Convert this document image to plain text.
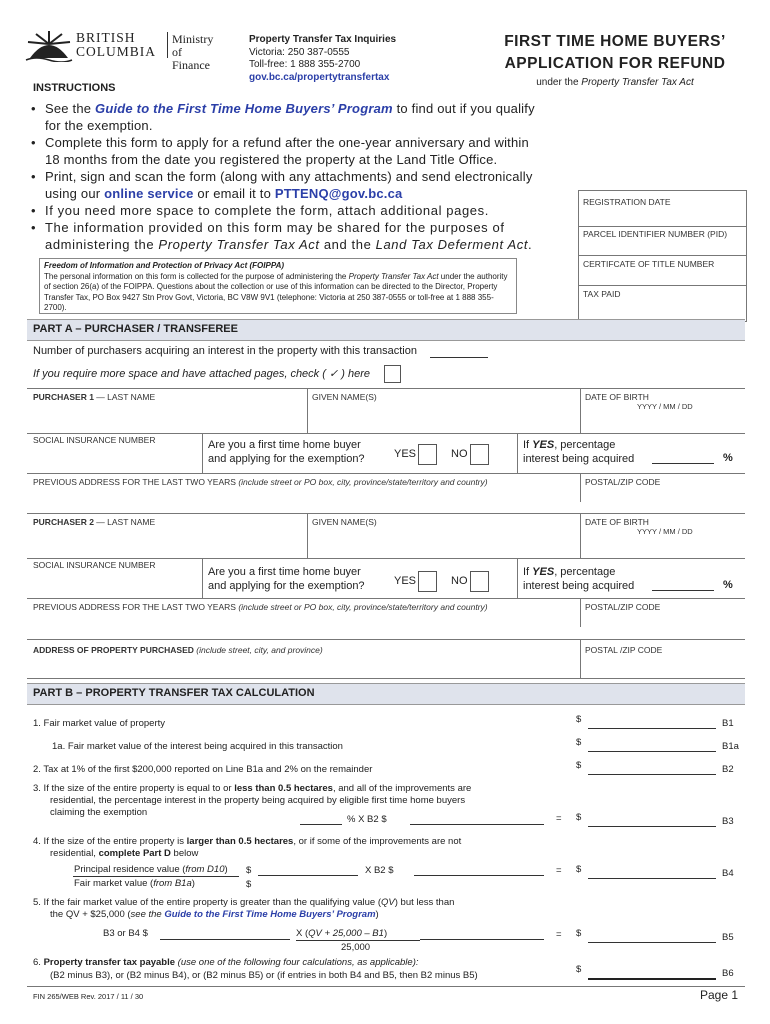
BRITISH
COLUMBIA
Ministry of
Finance
Property Transfer Tax Inquiries
Victoria: 250 387-0555
Toll-free: 1 888 355-2700
gov.bc.ca/propertytransfertax
FIRST TIME HOME BUYERS’
APPLICATION FOR REFUND
under the Property Transfer Tax Act
INSTRUCTIONS
• See the Guide to the First Time Home Buyers’ Program to find out if you qualify for the exemption.
• Complete this form to apply for a refund after the one-year anniversary and within 18 months from the date you registered the property at the Land Title Office.
• Print, sign and scan the form (along with any attachments) and send electronically using our online service or email it to PTTENQ@gov.bc.ca
• If you need more space to complete the form, attach additional pages.
• The information provided on this form may be shared for the purposes of administering the Property Transfer Tax Act and the Land Tax Deferment Act.
Freedom of Information and Protection of Privacy Act (FOIPPA)
The personal information on this form is collected for the purpose of administering the Property Transfer Tax Act under the authority of section 26(a) of the FOIPPA. Questions about the collection or use of this information can be directed to the Director, Property Transfer Tax, PO Box 9427 Stn Prov Govt, Victoria, BC V8W 9V1 (telephone: Victoria at 250 387-0555 or toll-free at 1 888 355-2700).
REGISTRATION DATE
PARCEL IDENTIFIER NUMBER (PID)
CERTIFCATE OF TITLE NUMBER
TAX PAID
PART A – PURCHASER / TRANSFEREE
Number of purchasers acquiring an interest in the property with this transaction
If you require more space and have attached pages, check ( ✓ ) here
PURCHASER 1 — LAST NAME	GIVEN NAME(S)	DATE OF BIRTH
YYYY / MM / DD
SOCIAL INSURANCE NUMBER	Are you a first time home buyer
and applying for the exemption?	YES	NO
If YES, percentage
interest being acquired	%
PREVIOUS ADDRESS FOR THE LAST TWO YEARS (include street or PO box, city, province/state/territory and country)	POSTAL/ZIP CODE
PURCHASER 2 — LAST NAME	GIVEN NAME(S)	DATE OF BIRTH
YYYY / MM / DD
SOCIAL INSURANCE NUMBER
Are you a first time home buyer
and applying for the exemption?	YES	NO
If YES, percentage
interest being acquired	%
PREVIOUS ADDRESS FOR THE LAST TWO YEARS (include street or PO box, city, province/state/territory and country)	POSTAL/ZIP CODE
ADDRESS OF PROPERTY PURCHASED (include street, city, and province)	POSTAL /ZIP CODE
PART B – PROPERTY TRANSFER TAX CALCULATION
1. Fair market value of property	$	B1
1a. Fair market value of the interest being acquired in this transaction	$	B1a
2. Tax at 1% of the first $200,000 reported on Line B1a and 2% on the remainder	$	B2
3. If the size of the entire property is equal to or less than 0.5 hectares, and all of the improvements are
residential, the percentage interest in the property being acquired by eligible first time home buyers
claiming the exemption
% X B2 $	= $	B3
4. If the size of the entire property is larger than 0.5 hectares, or if some of the improvements are not
residential, complete Part D below
Principal residence value (from D10)
Fair market value (from B1a)
$
$
X B2 $	= $	B4
5. If the fair market value of the entire property is greater than the qualifying value (QV) but less than
the QV + $25,000 (see the Guide to the First Time Home Buyers’ Program)
B3 or B4 $	X (QV + 25,000 – B1)
25,000
= $	B5
6. Property transfer tax payable (use one of the following four calculations, as applicable):
(B2 minus B3), or (B2 minus B4), or (B2 minus B5) or (if entries in both B4 and B5, then B2 minus B5)
$	B6
FIN 265/WEB Rev. 2017 / 11 / 30	Page 1
